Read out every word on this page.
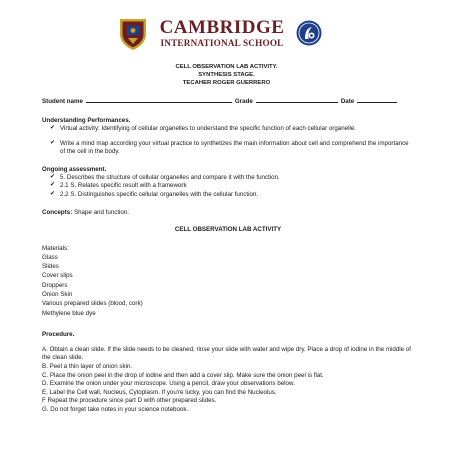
CAMBRIDGE
INTERNATIONAL SCHOOL
CELL OBSERVATION LAB ACTIVITY.
SYNTHESIS STAGE.
TECAHER ROGER GUERRERO
Student name	Grade	Date
Understanding Performances.
✔ Virtual activity: Identifying of cellular organelles to understand the specific function of each cellular organelle.
✔ Write a mind map according your virtual practice to synthetizes the main information about cell and comprehend the importance of the cell in the body.
Ongoing assessment.
✔ 5. Describes the structure of cellular organelles and compare it with the function.
✔ 2.1 S. Relates specific result with a framework
✔ 2.2 S. Distinguishes specific cellular organelles with the cellular function.
Concepts: Shape and function.
CELL OBSERVATION LAB ACTIVITY
Materials:
Glass
Slides
Cover slips
Droppers
Onion Skin
Various prepared slides (blood, cork)
Methylene blue dye
Procedure.
A. Obtain a clean slide. If the slide needs to be cleaned, rinse your slide with water and wipe dry. Place a drop of iodine in the middle of the clean slide.
B. Peel a thin layer of onion skin.
C. Place the onion peel in the drop of iodine and then add a cover slip. Make sure the onion peel is flat.
D. Examine the onion under your microscope. Using a pencil, draw your observations below.
E. Label the Cell wall, Nucleus, Cytoplasm. If you're lucky, you can find the Nucleolus.
F Repeat the procedure since part D with other prepared slides.
G. Do not forget take notes in your science notebook.
